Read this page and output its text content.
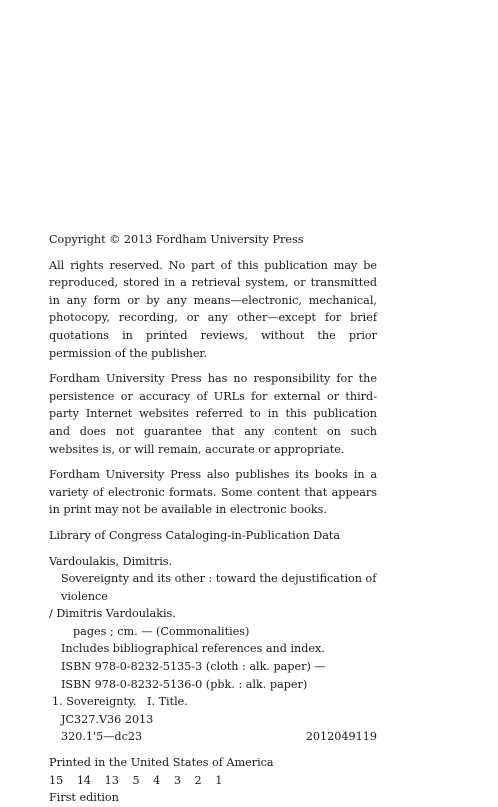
Copyright © 2013 Fordham University Press

All rights reserved. No part of this publication may be reproduced, stored in a retrieval system, or transmitted in any form or by any means—electronic, mechanical, photocopy, recording, or any other—except for brief quotations in printed reviews, without the prior permission of the publisher.

Fordham University Press has no responsibility for the persistence or accuracy of URLs for external or third-party Internet websites referred to in this publication and does not guarantee that any content on such websites is, or will remain, accurate or appropriate.

Fordham University Press also publishes its books in a variety of electronic formats. Some content that appears in print may not be available in electronic books.

Library of Congress Cataloging-in-Publication Data

Vardoulakis, Dimitris.

Sovereignty and its other : toward the dejustification of violence

/ Dimitris Vardoulakis.

pages ; cm. — (Commonalities)

Includes bibliographical references and index.

ISBN 978-0-8232-5135-3 (cloth : alk. paper) —

ISBN 978-0-8232-5136-0 (pbk. : alk. paper)

1. Sovereignty.   I. Title.

JC327.V36 2013

320.1'5—dc23	2012049119

Printed in the United States of America

15 14 13 5 4 3 2 1

First edition
